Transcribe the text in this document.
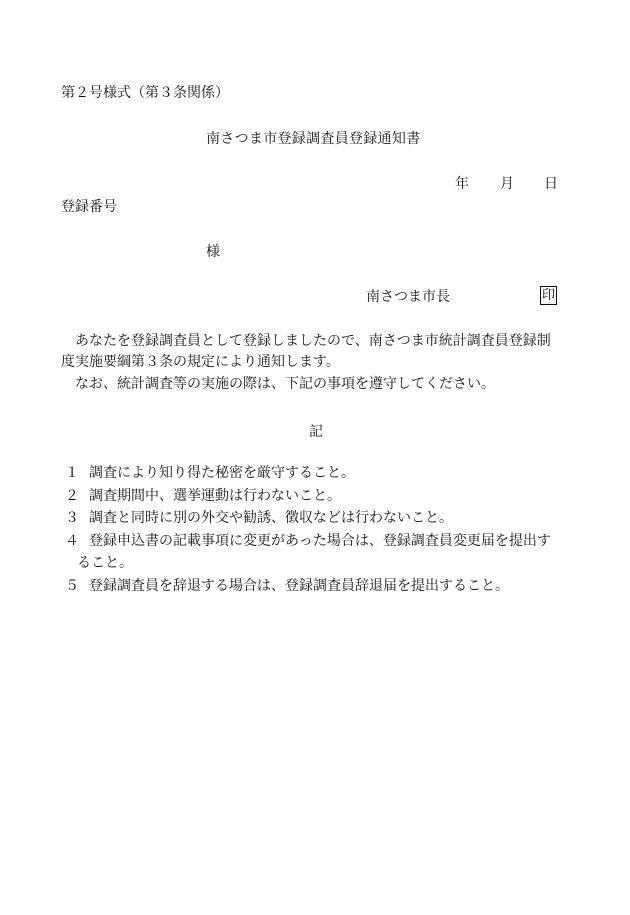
第２号様式（第３条関係）
南さつま市登録調査員登録通知書
年 月 日
登録番号
様
南さつま市長	印
　あなたを登録調査員として登録しましたので、南さつま市統計調査員登録制
度実施要綱第３条の規定により通知します。
　なお、統計調査等の実施の際は、下記の事項を遵守してください。
記
１ 調査により知り得た秘密を厳守すること。
２ 調査期間中、選挙運動は行わないこと。
３ 調査と同時に別の外交や勧誘、徴収などは行わないこと。
４ 登録申込書の記載事項に変更があった場合は、登録調査員変更届を提出す
ること。
５ 登録調査員を辞退する場合は、登録調査員辞退届を提出すること。
